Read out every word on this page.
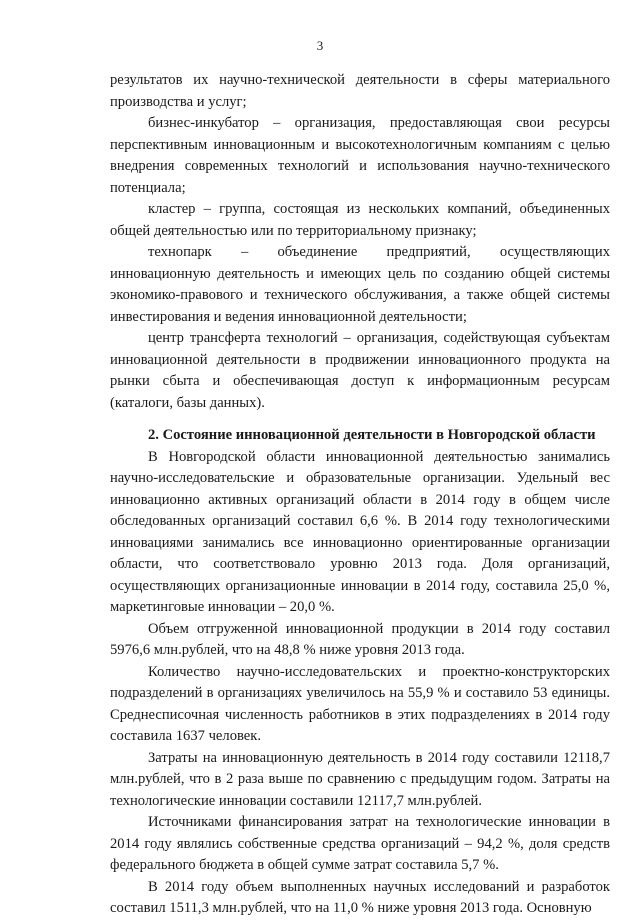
3

результатов их научно-технической деятельности в сферы материального производства и услуг;

бизнес-инкубатор – организация, предоставляющая свои ресурсы перспективным инновационным и высокотехнологичным компаниям с целью внедрения современных технологий и использования научно-технического потенциала;

кластер – группа, состоящая из нескольких компаний, объединенных общей деятельностью или по территориальному признаку;

технопарк – объединение предприятий, осуществляющих инновационную деятельность и имеющих цель по созданию общей системы экономико-правового и технического обслуживания, а также общей системы инвестирования и ведения инновационной деятельности;

центр трансферта технологий – организация, содействующая субъектам инновационной деятельности в продвижении инновационного продукта на рынки сбыта и обеспечивающая доступ к информационным ресурсам (каталоги, базы данных).

2. Состояние инновационной деятельности в Новгородской области

В Новгородской области инновационной деятельностью занимались научно-исследовательские и образовательные организации. Удельный вес инновационно активных организаций области в 2014 году в общем числе обследованных организаций составил 6,6 %. В 2014 году технологическими инновациями занимались все инновационно ориентированные организации области, что соответствовало уровню 2013 года. Доля организаций, осуществляющих организационные инновации в 2014 году, составила 25,0 %, маркетинговые инновации – 20,0 %.

Объем отгруженной инновационной продукции в 2014 году составил 5976,6 млн.рублей, что на 48,8 % ниже уровня 2013 года.

Количество научно-исследовательских и проектно-конструкторских подразделений в организациях увеличилось на 55,9 % и составило 53 единицы. Среднесписочная численность работников в этих подразделениях в 2014 году составила 1637 человек.

Затраты на инновационную деятельность в 2014 году составили 12118,7 млн.рублей, что в 2 раза выше по сравнению с предыдущим годом. Затраты на технологические инновации составили 12117,7 млн.рублей.

Источниками финансирования затрат на технологические инновации в 2014 году являлись собственные средства организаций – 94,2 %, доля средств федерального бюджета в общей сумме затрат составила 5,7 %.

В 2014 году объем выполненных научных исследований и разработок составил 1511,3 млн.рублей, что на 11,0 % ниже уровня 2013 года. Основную
